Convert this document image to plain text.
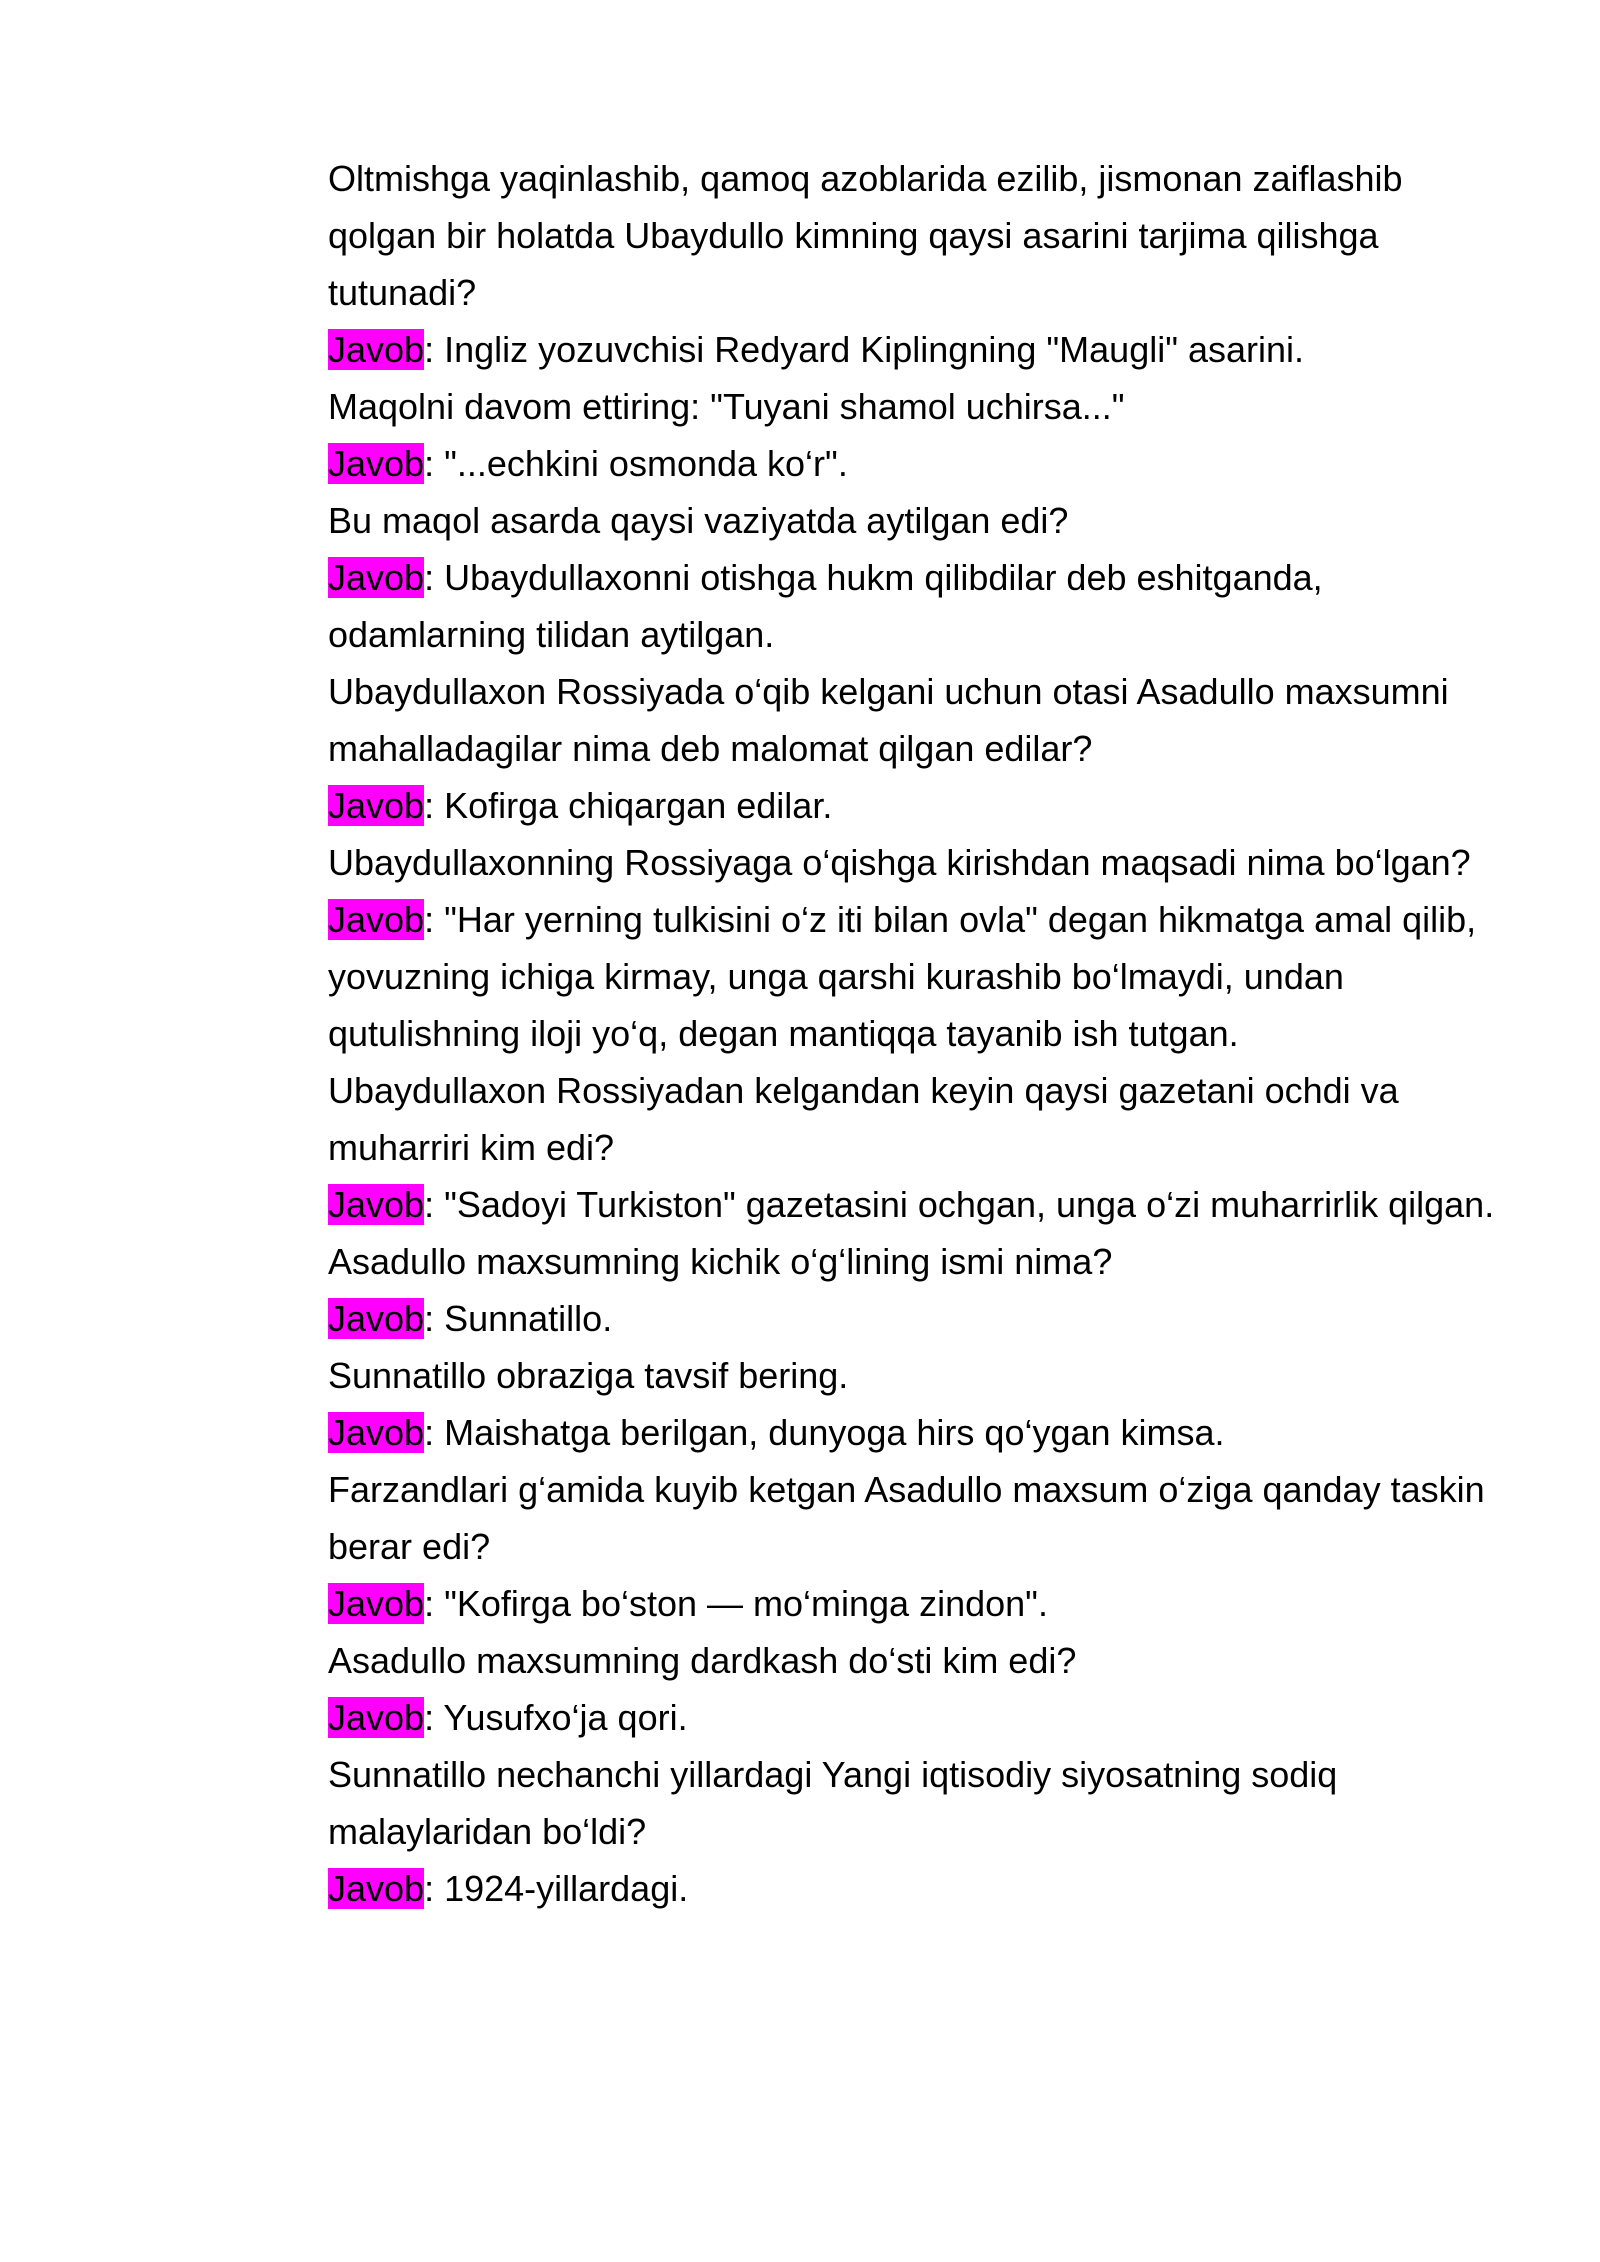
Oltmishga yaqinlashib, qamoq azoblarida ezilib, jismonan zaiflashib qolgan bir holatda Ubaydullo kimning qaysi asarini tarjima qilishga tutunadi?

Javob: Ingliz yozuvchisi Redyard Kiplingning "Maugli" asarini.

Maqolni davom ettiring: "Tuyani shamol uchirsa..."

Javob: "...echkini osmonda ko‘r".

Bu maqol asarda qaysi vaziyatda aytilgan edi?

Javob: Ubaydullaxonni otishga hukm qilibdilar deb eshitganda, odamlarning tilidan aytilgan.

Ubaydullaxon Rossiyada o‘qib kelgani uchun otasi Asadullo maxsumni mahalladagilar nima deb malomat qilgan edilar?

Javob: Kofirga chiqargan edilar.

Ubaydullaxonning Rossiyaga o‘qishga kirishdan maqsadi nima bo‘lgan?

Javob: "Har yerning tulkisini o‘z iti bilan ovla" degan hikmatga amal qilib, yovuzning ichiga kirmay, unga qarshi kurashib bo‘lmaydi, undan qutulishning iloji yo‘q, degan mantiqqa tayanib ish tutgan.

Ubaydullaxon Rossiyadan kelgandan keyin qaysi gazetani ochdi va muharriri kim edi?

Javob: "Sadoyi Turkiston" gazetasini ochgan, unga o‘zi muharrirlik qilgan.

Asadullo maxsumning kichik o‘g‘lining ismi nima?

Javob: Sunnatillo.

Sunnatillo obraziga tavsif bering.

Javob: Maishatga berilgan, dunyoga hirs qo‘ygan kimsa.

Farzandlari g‘amida kuyib ketgan Asadullo maxsum o‘ziga qanday taskin berar edi?

Javob: "Kofirga bo‘ston — mo‘minga zindon".

Asadullo maxsumning dardkash do‘sti kim edi?

Javob: Yusufxo‘ja qori.

Sunnatillo nechanchi yillardagi Yangi iqtisodiy siyosatning sodiq malaylaridan bo‘ldi?

Javob: 1924-yillardagi.
